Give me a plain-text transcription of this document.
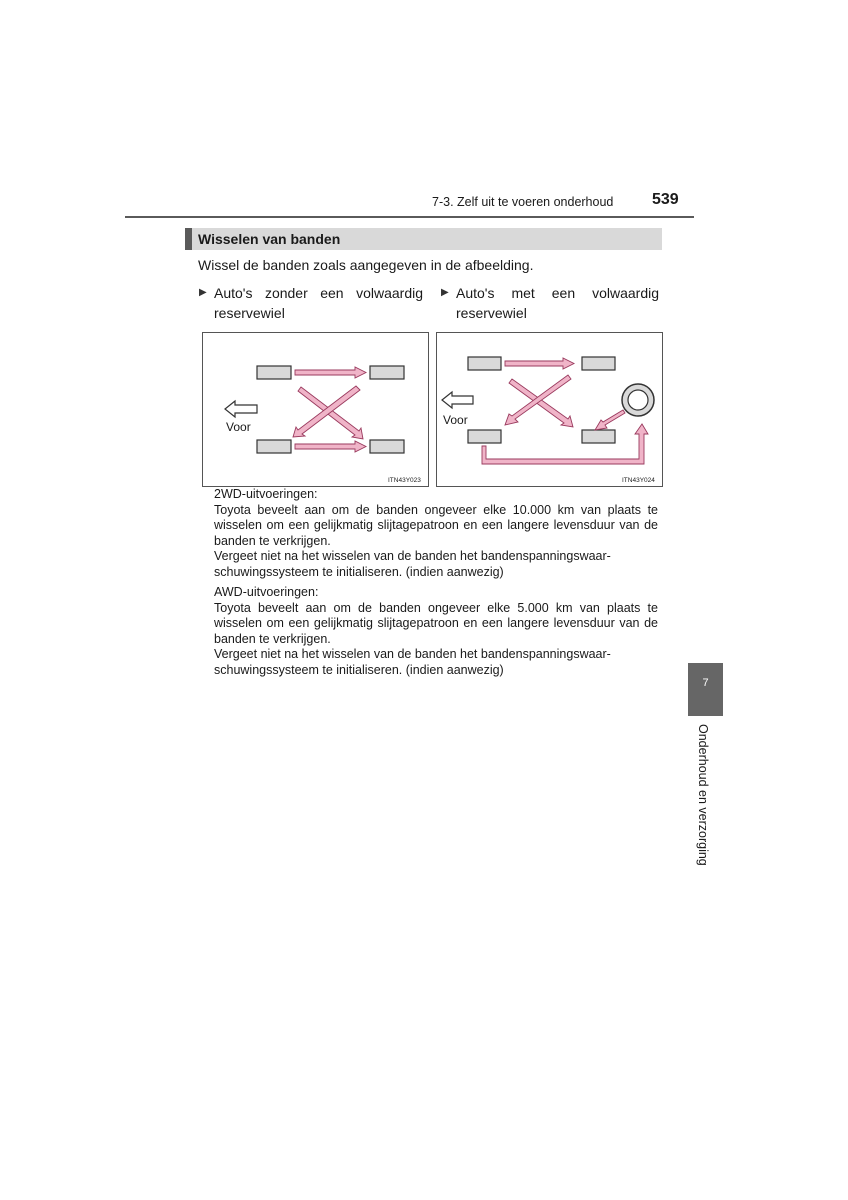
7-3. Zelf uit te voeren onderhoud 539
Wisselen van banden
Wissel de banden zoals aangegeven in de afbeelding.
▶ Auto's zonder een volwaardig
reservewiel
▶ Auto's met een volwaardig
reservewiel
Voor
ITN43Y023
Voor
ITN43Y024

2WD-uitvoeringen:

Toyota beveelt aan om de banden ongeveer elke 10.000 km van plaats te wisselen om een gelijkmatig slijtagepatroon en een langere levensduur van de banden te verkrijgen.

Vergeet niet na het wisselen van de banden het bandenspanningswaarschuwingssysteem te initialiseren. (indien aanwezig)

AWD-uitvoeringen:

Toyota beveelt aan om de banden ongeveer elke 5.000 km van plaats te wisselen om een gelijkmatig slijtagepatroon en een langere levensduur van de banden te verkrijgen.

Vergeet niet na het wisselen van de banden het bandenspanningswaarschuwingssysteem te initialiseren. (indien aanwezig)

7
Onderhoud en verzorging
